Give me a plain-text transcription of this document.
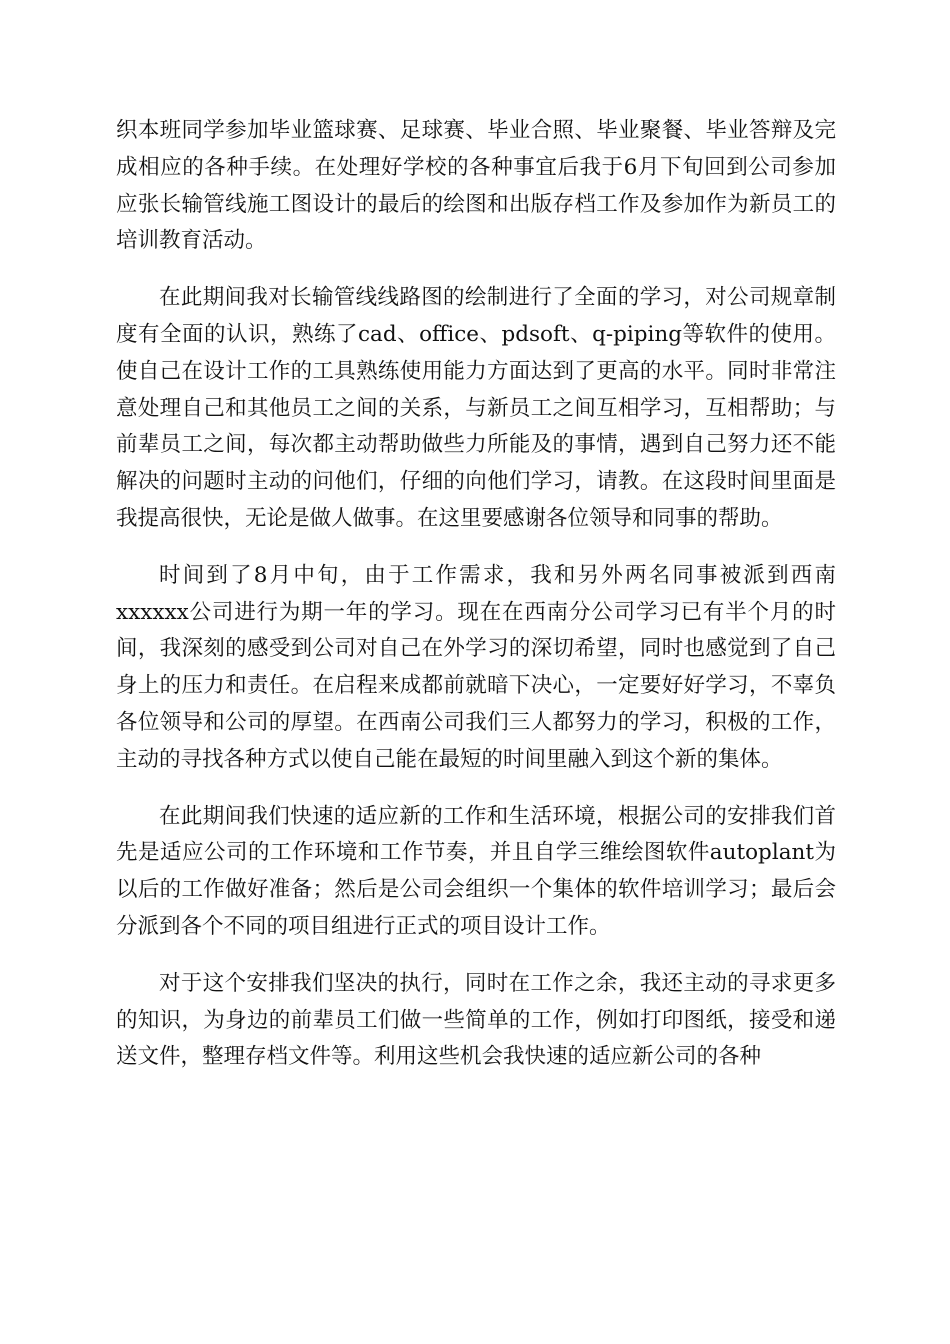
织本班同学参加毕业篮球赛、足球赛、毕业合照、毕业聚餐、毕业答辩及完成相应的各种手续。在处理好学校的各种事宜后我于6月下旬回到公司参加应张长输管线施工图设计的最后的绘图和出版存档工作及参加作为新员工的培训教育活动。

在此期间我对长输管线线路图的绘制进行了全面的学习，对公司规章制度有全面的认识，熟练了cad、office、pdsoft、q-piping等软件的使用。使自己在设计工作的工具熟练使用能力方面达到了更高的水平。同时非常注意处理自己和其他员工之间的关系，与新员工之间互相学习，互相帮助；与前辈员工之间，每次都主动帮助做些力所能及的事情，遇到自己努力还不能解决的问题时主动的问他们，仔细的向他们学习，请教。在这段时间里面是我提高很快，无论是做人做事。在这里要感谢各位领导和同事的帮助。

时间到了8月中旬，由于工作需求，我和另外两名同事被派到西南xxxxxx公司进行为期一年的学习。现在在西南分公司学习已有半个月的时间，我深刻的感受到公司对自己在外学习的深切希望，同时也感觉到了自己身上的压力和责任。在启程来成都前就暗下决心，一定要好好学习，不辜负各位领导和公司的厚望。在西南公司我们三人都努力的学习，积极的工作，主动的寻找各种方式以使自己能在最短的时间里融入到这个新的集体。

在此期间我们快速的适应新的工作和生活环境，根据公司的安排我们首先是适应公司的工作环境和工作节奏，并且自学三维绘图软件autoplant为以后的工作做好准备；然后是公司会组织一个集体的软件培训学习；最后会分派到各个不同的项目组进行正式的项目设计工作。

对于这个安排我们坚决的执行，同时在工作之余，我还主动的寻求更多的知识，为身边的前辈员工们做一些简单的工作，例如打印图纸，接受和递送文件，整理存档文件等。利用这些机会我快速的适应新公司的各种
